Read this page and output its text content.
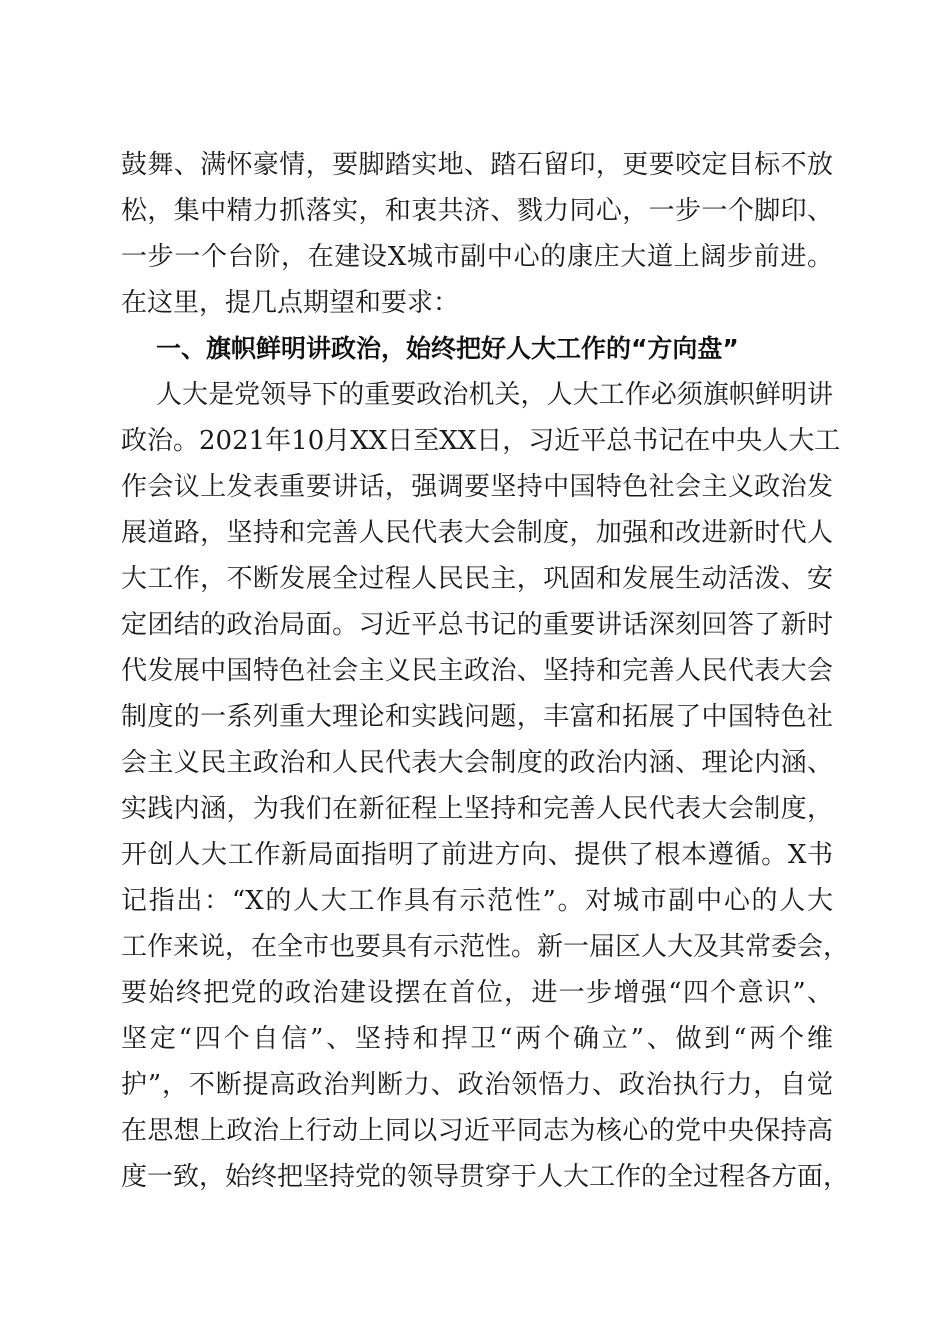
鼓舞、满怀豪情，要脚踏实地、踏石留印，更要咬定目标不放
松，集中精力抓落实，和衷共济、戮力同心，一步一个脚印、
一步一个台阶，在建设X城市副中心的康庄大道上阔步前进。
在这里，提几点期望和要求：
一、旗帜鲜明讲政治，始终把好人大工作的“方向盘”
人大是党领导下的重要政治机关，人大工作必须旗帜鲜明讲
政治。2021年10月XX日至XX日，习近平总书记在中央人大工
作会议上发表重要讲话，强调要坚持中国特色社会主义政治发
展道路，坚持和完善人民代表大会制度，加强和改进新时代人
大工作，不断发展全过程人民民主，巩固和发展生动活泼、安
定团结的政治局面。习近平总书记的重要讲话深刻回答了新时
代发展中国特色社会主义民主政治、坚持和完善人民代表大会
制度的一系列重大理论和实践问题，丰富和拓展了中国特色社
会主义民主政治和人民代表大会制度的政治内涵、理论内涵、
实践内涵，为我们在新征程上坚持和完善人民代表大会制度，
开创人大工作新局面指明了前进方向、提供了根本遵循。X书
记指出：“X的人大工作具有示范性”。对城市副中心的人大
工作来说，在全市也要具有示范性。新一届区人大及其常委会，
要始终把党的政治建设摆在首位，进一步增强“四个意识”、
坚定“四个自信”、坚持和捍卫“两个确立”、做到“两个维
护”，不断提高政治判断力、政治领悟力、政治执行力，自觉
在思想上政治上行动上同以习近平同志为核心的党中央保持高
度一致，始终把坚持党的领导贯穿于人大工作的全过程各方面，
